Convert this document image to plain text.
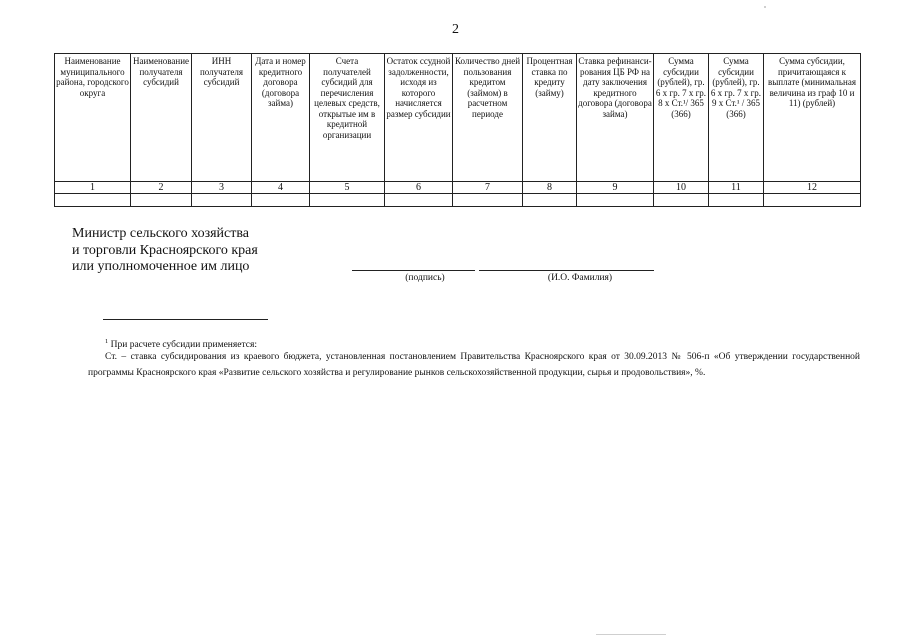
2
Наименование муниципального района, городского округа	Наименование получателя субсидий	ИНН получателя субсидий	Дата и номер кредитного договора (договора займа)	Счета получателей субсидий для перечисления целевых средств, открытые им в кредитной организации	Остаток ссудной задолженности, исходя из которого начисляется размер субсидии	Количество дней пользования кредитом (займом) в расчетном периоде	Процентная ставка по кредиту (займу)	Ставка рефинансирования ЦБ РФ на дату заключения кредитного договора (договора займа)	Сумма субсидии (рублей), гр. 6 х гр. 7 х гр. 8 х Ст.¹/ 365 (366)	Сумма субсидии (рублей), гр. 6 х гр. 7 х гр. 9 х Ст.¹ / 365 (366)	Сумма субсидии, причитающаяся к выплате (минимальная величина из граф 10 и 11) (рублей)
1	2	3	4	5	6	7	8	9	10	11	12

Министр сельского хозяйства
и торговли Красноярского края
или уполномоченное им лицо
(подпись)	(И.О. Фамилия)
$^1$ При расчете субсидии применяется:
Ст. – ставка субсидирования из краевого бюджета, установленная постановлением Правительства Красноярского края от 30.09.2013 № 506-п «Об утверждении государственной программы Красноярского края «Развитие сельского хозяйства и регулирование рынков сельскохозяйственной продукции, сырья и продовольствия», %.
